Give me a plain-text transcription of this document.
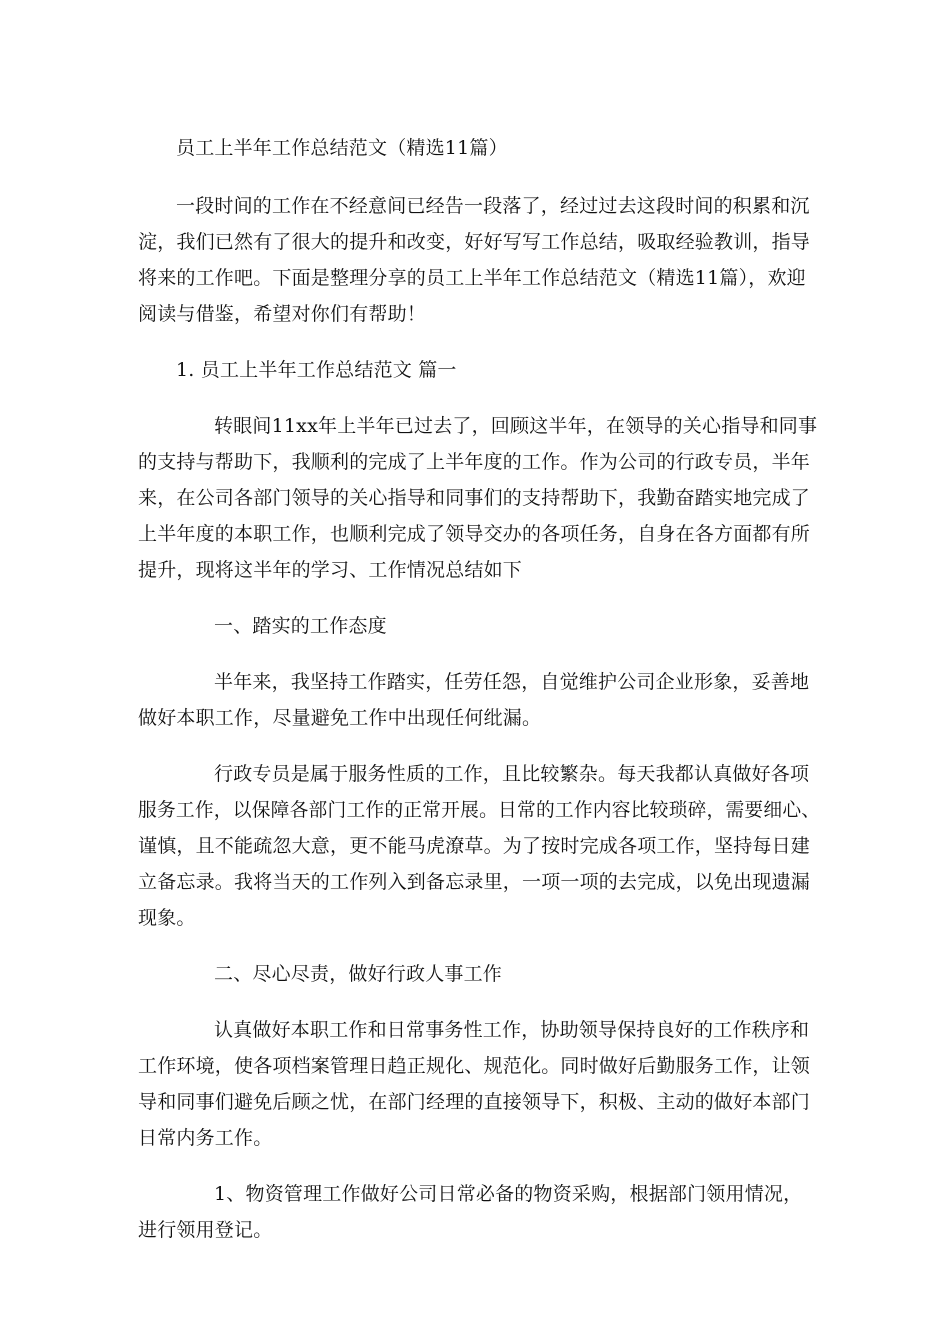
员工上半年工作总结范文（精选11篇）
一段时间的工作在不经意间已经告一段落了，经过过去这段时间的积累和沉
淀，我们已然有了很大的提升和改变，好好写写工作总结，吸取经验教训，指导
将来的工作吧。下面是整理分享的员工上半年工作总结范文（精选11篇），欢迎
阅读与借鉴，希望对你们有帮助！
1. 员工上半年工作总结范文 篇一
转眼间11xx年上半年已过去了，回顾这半年，在领导的关心指导和同事
的支持与帮助下，我顺利的完成了上半年度的工作。作为公司的行政专员，半年
来，在公司各部门领导的关心指导和同事们的支持帮助下，我勤奋踏实地完成了
上半年度的本职工作，也顺利完成了领导交办的各项任务，自身在各方面都有所
提升，现将这半年的学习、工作情况总结如下
一、踏实的工作态度
半年来，我坚持工作踏实，任劳任怨，自觉维护公司企业形象，妥善地
做好本职工作，尽量避免工作中出现任何纰漏。
行政专员是属于服务性质的工作，且比较繁杂。每天我都认真做好各项
服务工作，以保障各部门工作的正常开展。日常的工作内容比较琐碎，需要细心、
谨慎，且不能疏忽大意，更不能马虎潦草。为了按时完成各项工作，坚持每日建
立备忘录。我将当天的工作列入到备忘录里，一项一项的去完成，以免出现遗漏
现象。
二、尽心尽责，做好行政人事工作
认真做好本职工作和日常事务性工作，协助领导保持良好的工作秩序和
工作环境，使各项档案管理日趋正规化、规范化。同时做好后勤服务工作，让领
导和同事们避免后顾之忧，在部门经理的直接领导下，积极、主动的做好本部门
日常内务工作。
1、物资管理工作做好公司日常必备的物资采购，根据部门领用情况，
进行领用登记。
